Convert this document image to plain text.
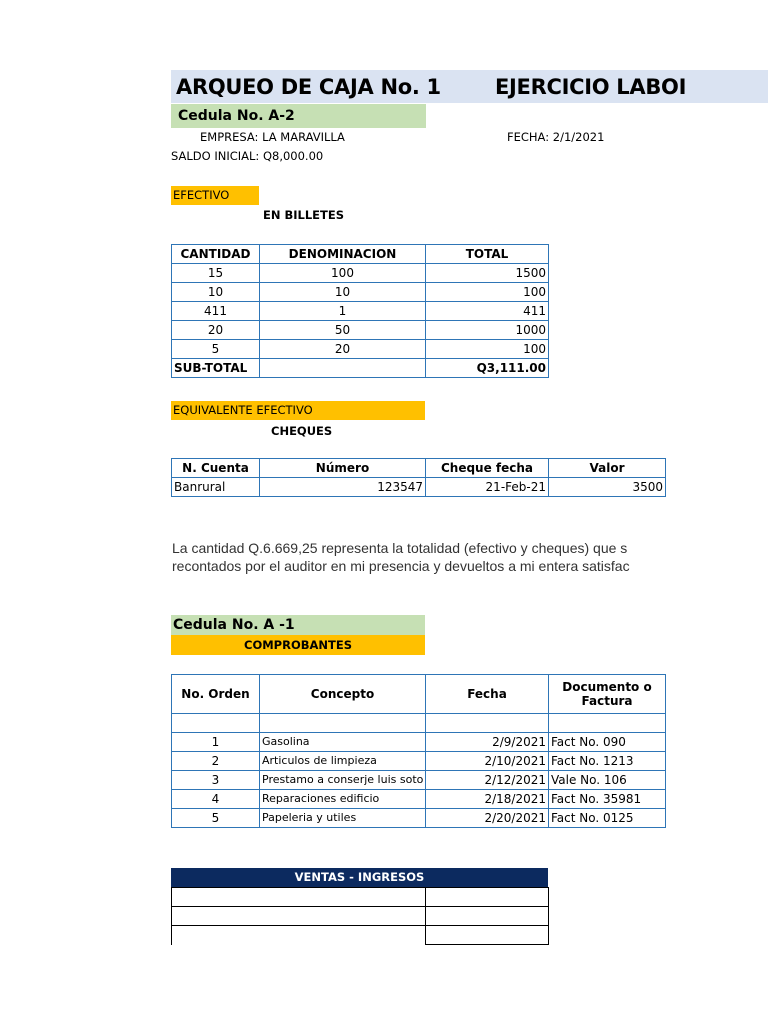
ARQUEO DE CAJA No. 1	EJERCICIO LABOI
Cedula No. A-2
EMPRESA: LA MARAVILLA	FECHA: 2/1/2021
SALDO INICIAL: Q8,000.00
EFECTIVO
EN BILLETES
CANTIDAD	DENOMINACION	TOTAL
15	100	1500
10	10	100
411	1	411
20	50	1000
5	20	100
SUB-TOTAL		Q3,111.00
EQUIVALENTE EFECTIVO
CHEQUES
N. Cuenta	Número	Cheque fecha	Valor
Banrural	123547	21-Feb-21	3500
La cantidad Q.6.669,25 representa la totalidad (efectivo y cheques) que s
recontados por el auditor en mi presencia y devueltos a mi entera satisfac
Cedula No. A -1
COMPROBANTES
No. Orden	Concepto	Fecha	Documento o Factura

1	Gasolina	2/9/2021	Fact No. 090
2	Articulos de limpieza	2/10/2021	Fact No. 1213
3	Prestamo a conserje luis soto	2/12/2021	Vale No. 106
4	Reparaciones edificio	2/18/2021	Fact No. 35981
5	Papeleria y utiles	2/20/2021	Fact No. 0125
VENTAS - INGRESOS
